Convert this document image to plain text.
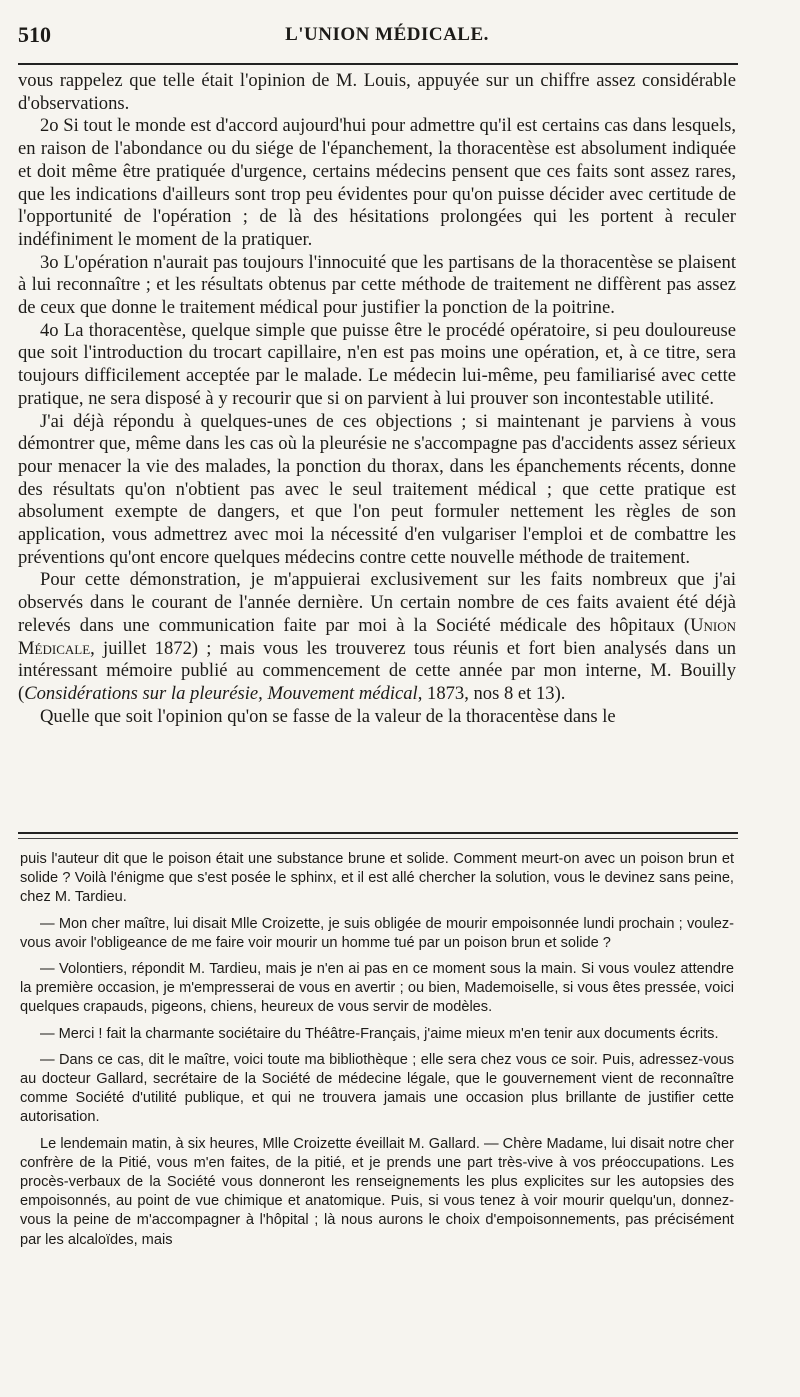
510	L'UNION MÉDICALE.

vous rappelez que telle était l'opinion de M. Louis, appuyée sur un chiffre assez considérable d'observations.

2o Si tout le monde est d'accord aujourd'hui pour admettre qu'il est certains cas dans lesquels, en raison de l'abondance ou du siége de l'épanchement, la thoracentèse est absolument indiquée et doit même être pratiquée d'urgence, certains médecins pensent que ces faits sont assez rares, que les indications d'ailleurs sont trop peu évidentes pour qu'on puisse décider avec certitude de l'opportunité de l'opération ; de là des hésitations prolongées qui les portent à reculer indéfiniment le moment de la pratiquer.

3o L'opération n'aurait pas toujours l'innocuité que les partisans de la thoracentèse se plaisent à lui reconnaître ; et les résultats obtenus par cette méthode de traitement ne diffèrent pas assez de ceux que donne le traitement médical pour justifier la ponction de la poitrine.

4o La thoracentèse, quelque simple que puisse être le procédé opératoire, si peu douloureuse que soit l'introduction du trocart capillaire, n'en est pas moins une opération, et, à ce titre, sera toujours difficilement acceptée par le malade. Le médecin lui-même, peu familiarisé avec cette pratique, ne sera disposé à y recourir que si on parvient à lui prouver son incontestable utilité.

J'ai déjà répondu à quelques-unes de ces objections ; si maintenant je parviens à vous démontrer que, même dans les cas où la pleurésie ne s'accompagne pas d'accidents assez sérieux pour menacer la vie des malades, la ponction du thorax, dans les épanchements récents, donne des résultats qu'on n'obtient pas avec le seul traitement médical ; que cette pratique est absolument exempte de dangers, et que l'on peut formuler nettement les règles de son application, vous admettrez avec moi la nécessité d'en vulgariser l'emploi et de combattre les préventions qu'ont encore quelques médecins contre cette nouvelle méthode de traitement.

Pour cette démonstration, je m'appuierai exclusivement sur les faits nombreux que j'ai observés dans le courant de l'année dernière. Un certain nombre de ces faits avaient été déjà relevés dans une communication faite par moi à la Société médicale des hôpitaux (Union Médicale, juillet 1872) ; mais vous les trouverez tous réunis et fort bien analysés dans un intéressant mémoire publié au commencement de cette année par mon interne, M. Bouilly (Considérations sur la pleurésie, Mouvement médical, 1873, nos 8 et 13).

Quelle que soit l'opinion qu'on se fasse de la valeur de la thoracentèse dans le

puis l'auteur dit que le poison était une substance brune et solide. Comment meurt-on avec un poison brun et solide ? Voilà l'énigme que s'est posée le sphinx, et il est allé chercher la solution, vous le devinez sans peine, chez M. Tardieu.

— Mon cher maître, lui disait Mlle Croizette, je suis obligée de mourir empoisonnée lundi prochain ; voulez-vous avoir l'obligeance de me faire voir mourir un homme tué par un poison brun et solide ?

— Volontiers, répondit M. Tardieu, mais je n'en ai pas en ce moment sous la main. Si vous voulez attendre la première occasion, je m'empresserai de vous en avertir ; ou bien, Mademoiselle, si vous êtes pressée, voici quelques crapauds, pigeons, chiens, heureux de vous servir de modèles.

— Merci ! fait la charmante sociétaire du Théâtre-Français, j'aime mieux m'en tenir aux documents écrits.

— Dans ce cas, dit le maître, voici toute ma bibliothèque ; elle sera chez vous ce soir. Puis, adressez-vous au docteur Gallard, secrétaire de la Société de médecine légale, que le gouvernement vient de reconnaître comme Société d'utilité publique, et qui ne trouvera jamais une occasion plus brillante de justifier cette autorisation.

Le lendemain matin, à six heures, Mlle Croizette éveillait M. Gallard. — Chère Madame, lui disait notre cher confrère de la Pitié, vous m'en faites, de la pitié, et je prends une part très-vive à vos préoccupations. Les procès-verbaux de la Société vous donneront les renseignements les plus explicites sur les autopsies des empoisonnés, au point de vue chimique et anatomique. Puis, si vous tenez à voir mourir quelqu'un, donnez-vous la peine de m'accompagner à l'hôpital ; là nous aurons le choix d'empoisonnements, pas précisément par les alcaloïdes, mais
